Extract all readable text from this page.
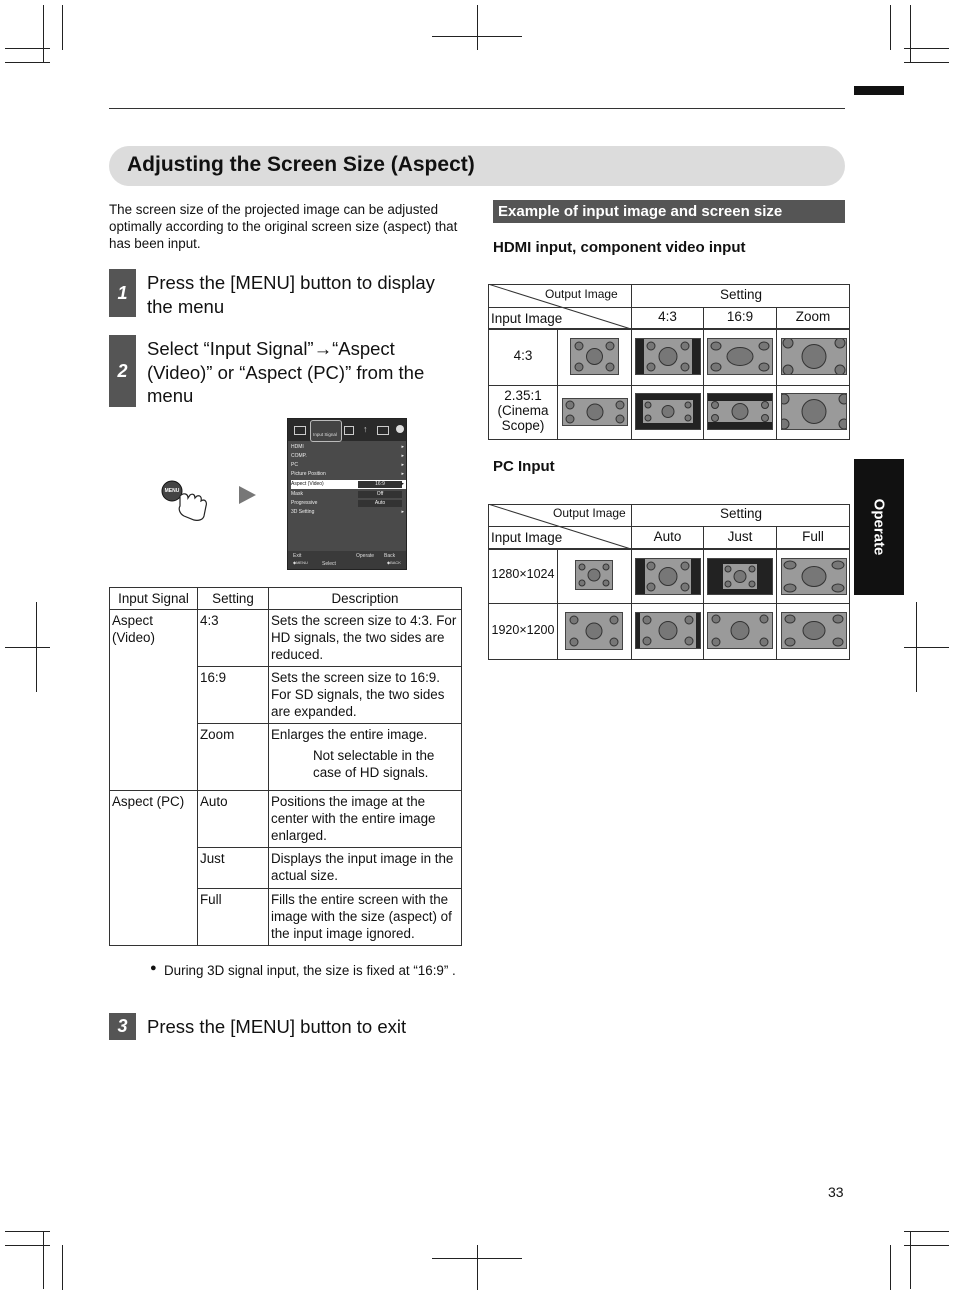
Adjusting the Screen Size (Aspect)
The screen size of the projected image can be adjusted optimally according to the original screen size (aspect) that has been input.
1	Press the [MENU] button to display the menu
2
Select “Input Signal”→“Aspect (Video)” or “Aspect (PC)” from the menu
MENU
Input Signal
↑
HDMI	▸
COMP.	▸
PC	▸
Picture Position	▸
Aspect (Video)	16:9	▸
Mask	Off
Progressive	Auto
3D Setting	▸
Exit
◆MENU	Select
Operate Back
◆BACK
Input Signal	Setting	Description
Aspect (Video)	4:3	Sets the screen size to 4:3. For HD signals, the two sides are reduced.
	16:9	Sets the screen size to 16:9. For SD signals, the two sides are expanded.
	Zoom	Enlarges the entire image.
Not selectable in the case of HD signals.

Aspect (PC)	Auto	Positions the image at the center with the entire image enlarged.
	Just	Displays the input image in the actual size.
	Full	Fills the entire screen with the image with the size (aspect) of the input image ignored.
● During 3D signal input, the size is fixed at “16:9” .
3	Press the [MENU] button to exit
Example of input image and screen size
HDMI input, component video input
Output Image
Input Image
Setting
4:3	16:9	Zoom
4:3
2.35:1 (Cinema Scope)
PC Input
Output Image
Input Image
Setting
Auto	Just	Full
1280×1024
1920×1200
Operate
33
